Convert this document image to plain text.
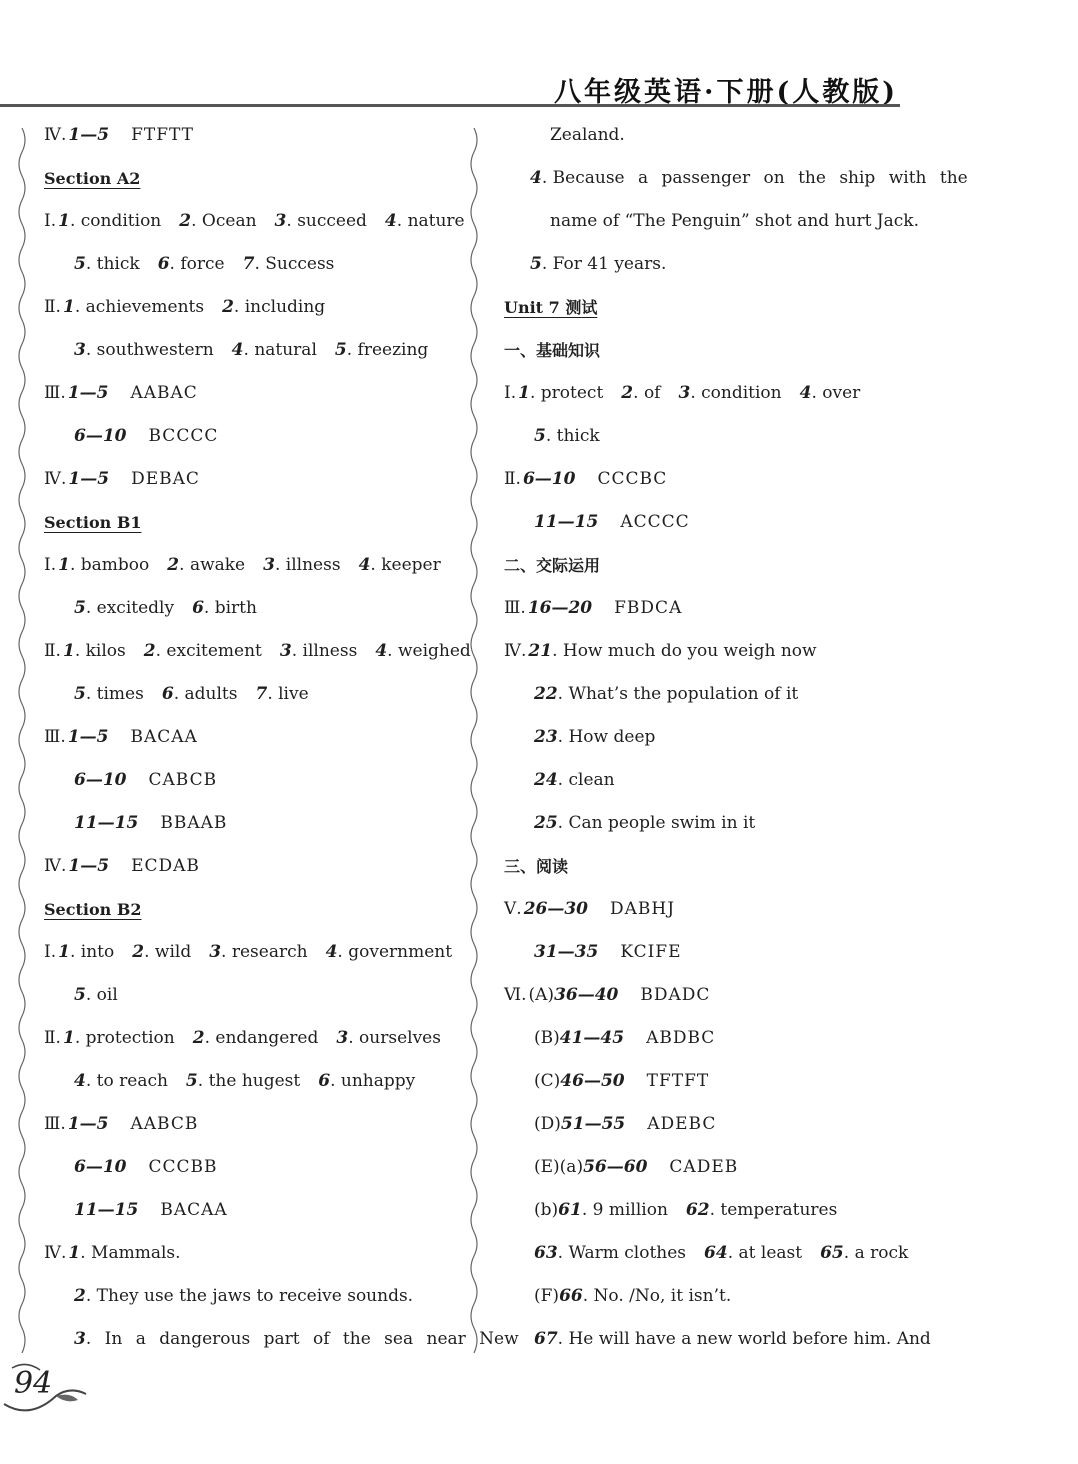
八年级英语·下册(人教版)
Ⅳ. 1—5 FTFTT
Section A2
Ⅰ. 1. condition 2. Ocean 3. succeed 4. nature
5. thick 6. force 7. Success
Ⅱ. 1. achievements 2. including
3. southwestern 4. natural 5. freezing
Ⅲ. 1—5 AABAC
6—10 BCCCC
Ⅳ. 1—5 DEBAC
Section B1
Ⅰ. 1. bamboo 2. awake 3. illness 4. keeper
5. excitedly 6. birth
Ⅱ. 1. kilos 2. excitement 3. illness 4. weighed
5. times 6. adults 7. live
Ⅲ. 1—5 BACAA
6—10 CABCB
11—15 BBAAB
Ⅳ. 1—5 ECDAB
Section B2
Ⅰ. 1. into 2. wild 3. research 4. government
5. oil
Ⅱ. 1. protection 2. endangered 3. ourselves
4. to reach 5. the hugest 6. unhappy
Ⅲ. 1—5 AABCB
6—10 CCCBB
11—15 BACAA
Ⅳ. 1. Mammals.
2. They use the jaws to receive sounds.
3. In a dangerous part of the sea near New
Zealand.
4. Because a passenger on the ship with the
name of “The Penguin” shot and hurt Jack.
5. For 41 years.
Unit 7 测试
一、基础知识
Ⅰ. 1. protect 2. of 3. condition 4. over
5. thick
Ⅱ. 6—10 CCCBC
11—15 ACCCC
二、交际运用
Ⅲ. 16—20 FBDCA
Ⅳ. 21. How much do you weigh now
22. What’s the population of it
23. How deep
24. clean
25. Can people swim in it
三、阅读
Ⅴ. 26—30 DABHJ
31—35 KCIFE
Ⅵ. (A)36—40 BDADC
(B)41—45 ABDBC
(C)46—50 TFTFT
(D)51—55 ADEBC
(E)(a)56—60 CADEB
(b)61. 9 million 62. temperatures
63. Warm clothes 64. at least 65. a rock
(F)66. No. /No, it isn’t.
67. He will have a new world before him. And
94
